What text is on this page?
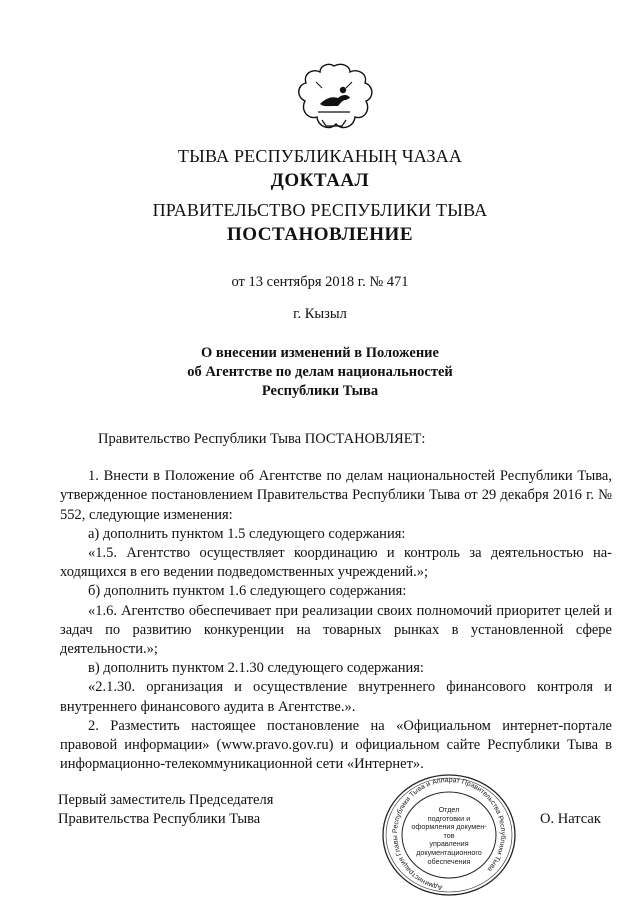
ТЫВА РЕСПУБЛИКАНЫҢ ЧАЗАА
ДОКТААЛ
ПРАВИТЕЛЬСТВО РЕСПУБЛИКИ ТЫВА
ПОСТАНОВЛЕНИЕ
от 13 сентября 2018 г. № 471
г. Кызыл
О внесении изменений в Положение
об Агентстве по делам национальностей
Республики Тыва

Правительство Республики Тыва ПОСТАНОВЛЯЕТ:

1. Внести в Положение об Агентстве по делам национальностей Республики Тыва, утвержденное постановлением Правительства Республики Тыва от 29 декабря 2016 г. № 552, следующие изменения:

а) дополнить пунктом 1.5 следующего содержания:

«1.5. Агентство осуществляет координацию и контроль за деятельностью на-ходящихся в его ведении подведомственных учреждений.»;

б) дополнить пунктом 1.6 следующего содержания:

«1.6. Агентство обеспечивает при реализации своих полномочий приоритет целей и задач по развитию конкуренции на товарных рынках в установленной сфере деятельности.»;

в) дополнить пунктом 2.1.30 следующего содержания:

«2.1.30. организация и осуществление внутреннего финансового контроля и внутреннего финансового аудита в Агентстве.».

2. Разместить настоящее постановление на «Официальном интернет-портале правовой информации» (www.pravo.gov.ru) и официальном сайте Республики Тыва в информационно-телекоммуникационной сети «Интернет».

Первый заместитель Председателя
Правительства Республики Тыва
Администрация Главы Республики Тыва и Аппарат Правительства Республики Тыва
Отдел
подготовки и
оформления докумен-тов
управления
документационного
обеспечения
О. Натсак
